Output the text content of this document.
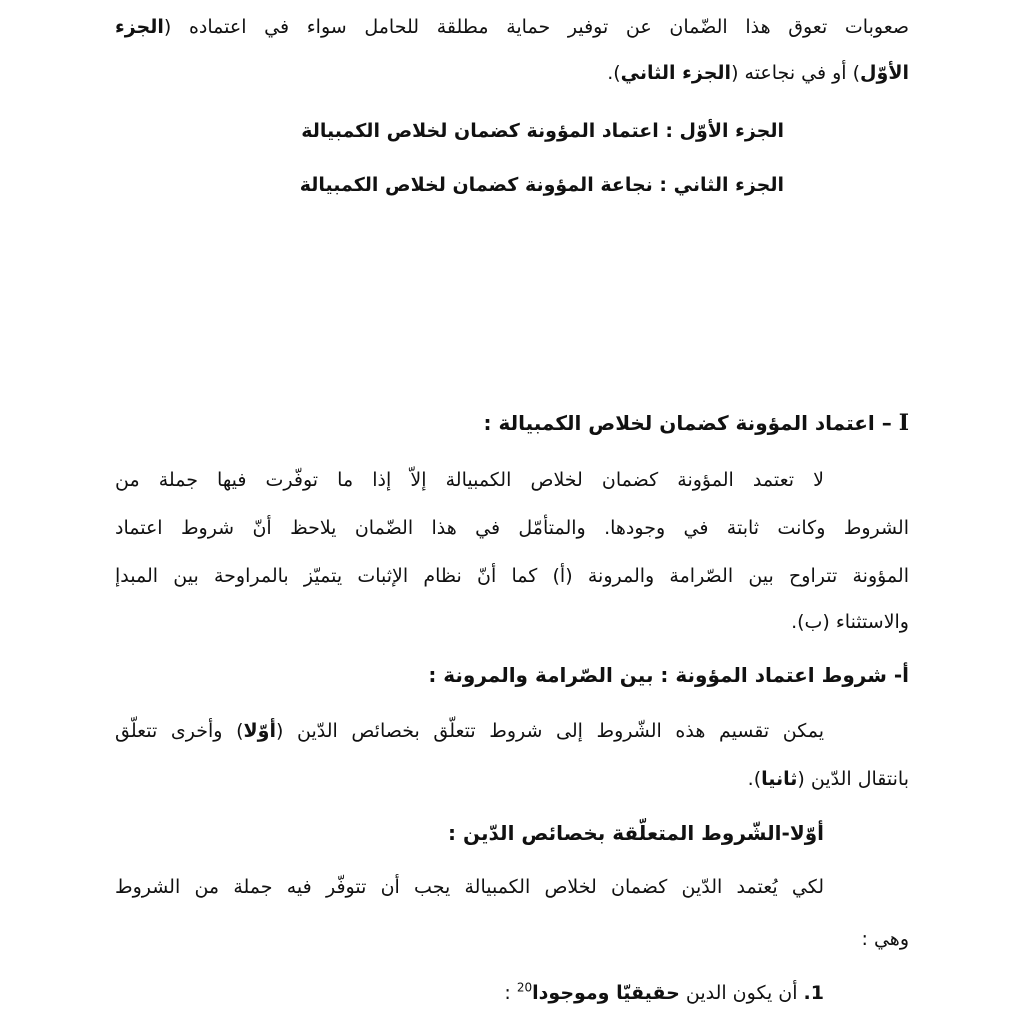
صعوبات تعوق هذا الضّمان عن توفير حماية مطلقة للحامل سواء في اعتماده (الجزء
الأوّل) أو في نجاعته (الجزء الثاني).
الجزء الأوّل : اعتماد المؤونة كضمان لخلاص الكمبيالة
الجزء الثاني : نجاعة المؤونة كضمان لخلاص الكمبيالة
I – اعتماد المؤونة كضمان لخلاص الكمبيالة :
لا تعتمد المؤونة كضمان لخلاص الكمبيالة إلاّ إذا ما توفّرت فيها جملة من
الشروط وكانت ثابتة في وجودها. والمتأمّل في هذا الضّمان يلاحظ أنّ شروط اعتماد
المؤونة تتراوح بين الصّرامة والمرونة (أ) كما أنّ نظام الإثبات يتميّز بالمراوحة بين المبدإ
والاستثناء (ب).
أ- شروط اعتماد المؤونة : بين الصّرامة والمرونة :
يمكن تقسيم هذه الشّروط إلى شروط تتعلّق بخصائص الدّين (أوّلا) وأخرى تتعلّق
بانتقال الدّين (ثانيا).
أوّلا-الشّروط المتعلّقة بخصائص الدّين :
لكي يُعتمد الدّين كضمان لخلاص الكمبيالة يجب أن تتوفّر فيه جملة من الشروط
وهي :
1. أن يكون الدين حقيقيّا وموجودا$^{20}$ :
